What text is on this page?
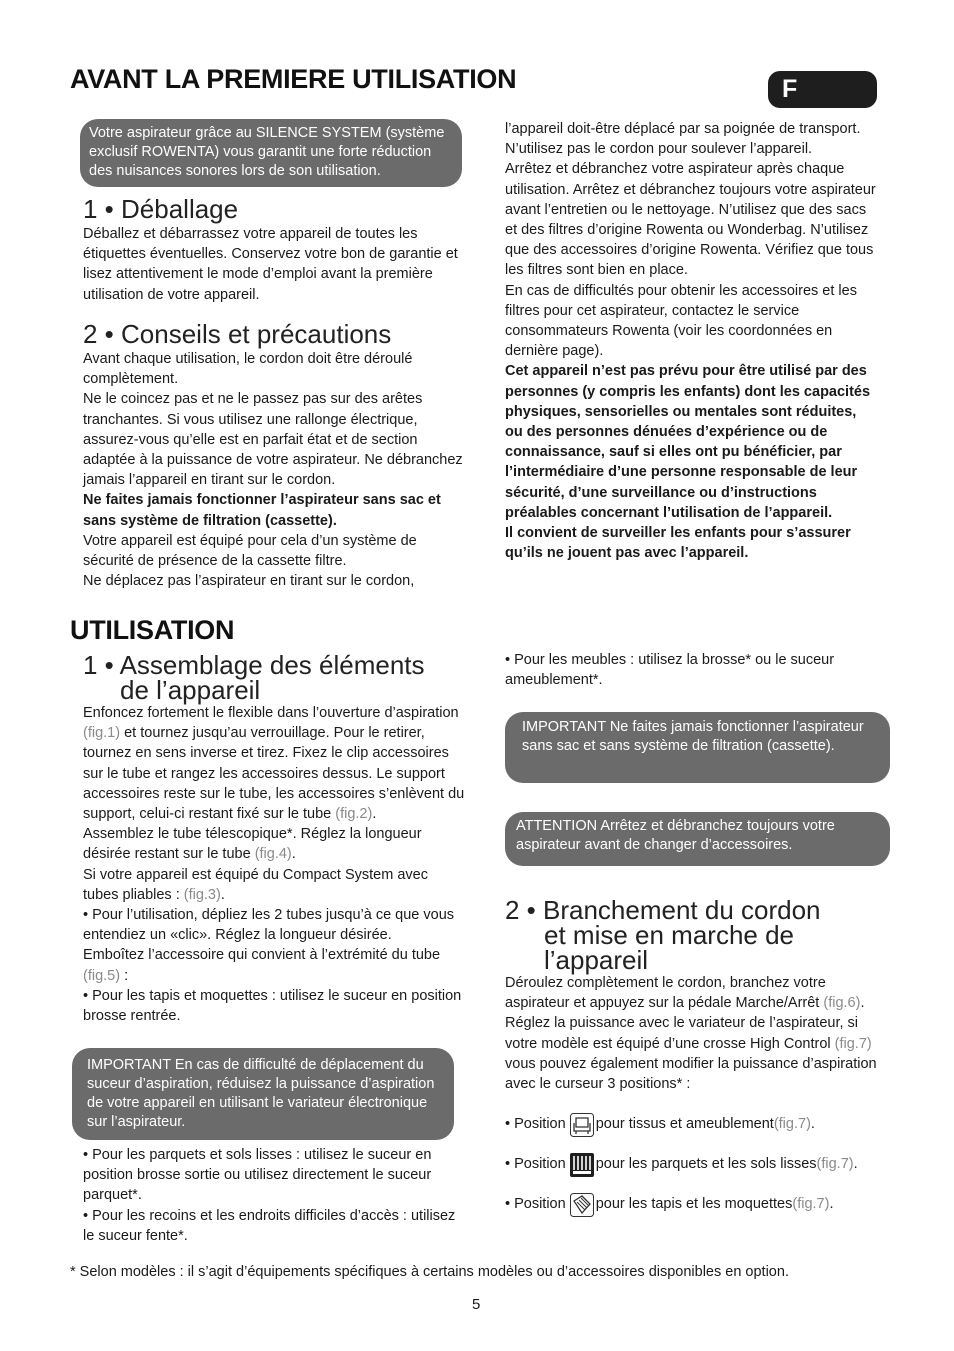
AVANT LA PREMIERE UTILISATION	F
Votre aspirateur grâce au SILENCE SYSTEM (système exclusif ROWENTA) vous garantit une forte réduction des nuisances sonores lors de son utilisation.
1 • Déballage
Déballez et débarrassez votre appareil de toutes les étiquettes éventuelles. Conservez votre bon de garantie et lisez attentivement le mode d’emploi avant la première utilisation de votre appareil.
2 • Conseils et précautions

Avant chaque utilisation, le cordon doit être déroulé complètement.

Ne le coincez pas et ne le passez pas sur des arêtes tranchantes. Si vous utilisez une rallonge électrique, assurez-vous qu’elle est en parfait état et de section adaptée à la puissance de votre aspirateur. Ne débranchez jamais l’appareil en tirant sur le cordon.

Ne faites jamais fonctionner l’aspirateur sans sac et sans système de filtration (cassette).

Votre appareil est équipé pour cela d’un système de sécurité de présence de la cassette filtre.

Ne déplacez pas l’aspirateur en tirant sur le cordon,

l’appareil doit-être déplacé par sa poignée de transport. N’utilisez pas le cordon pour soulever l’appareil.

Arrêtez et débranchez votre aspirateur après chaque utilisation. Arrêtez et débranchez toujours votre aspirateur avant l’entretien ou le nettoyage. N’utilisez que des sacs et des filtres d’origine Rowenta ou Wonderbag. N’utilisez que des accessoires d’origine Rowenta. Vérifiez que tous les filtres sont bien en place.

En cas de difficultés pour obtenir les accessoires et les filtres pour cet aspirateur, contactez le service consommateurs Rowenta (voir les coordonnées en dernière page).

Cet appareil n’est pas prévu pour être utilisé par des personnes (y compris les enfants) dont les capacités physiques, sensorielles ou mentales sont réduites, ou des personnes dénuées d’expérience ou de connaissance, sauf si elles ont pu bénéficier, par l’intermédiaire d’une personne responsable de leur sécurité, d’une surveillance ou d’instructions préalables concernant l’utilisation de l’appareil.

Il convient de surveiller les enfants pour s’assurer qu’ils ne jouent pas avec l’appareil.

UTILISATION
1 • Assemblage des éléments
de l’appareil

Enfoncez fortement le flexible dans l’ouverture d’aspiration (fig.1) et tournez jusqu’au verrouillage. Pour le retirer, tournez en sens inverse et tirez. Fixez le clip accessoires sur le tube et rangez les accessoires dessus. Le support accessoires reste sur le tube, les accessoires s’enlèvent du support, celui-ci restant fixé sur le tube (fig.2).

Assemblez le tube télescopique*. Réglez la longueur désirée restant sur le tube (fig.4).

Si votre appareil est équipé du Compact System avec tubes pliables : (fig.3).

• Pour l’utilisation, dépliez les 2 tubes jusqu’à ce que vous entendiez un «clic». Réglez la longueur désirée.

Emboîtez l’accessoire qui convient à l’extrémité du tube (fig.5) :

• Pour les tapis et moquettes : utilisez le suceur en position brosse rentrée.

IMPORTANT En cas de difficulté de déplacement du suceur d’aspiration, réduisez la puissance d’aspiration de votre appareil en utilisant le variateur électronique sur l’aspirateur.

• Pour les parquets et sols lisses : utilisez le suceur en position brosse sortie ou utilisez directement le suceur parquet*.

• Pour les recoins et les endroits difficiles d’accès : utilisez le suceur fente*.

• Pour les meubles : utilisez la brosse* ou le suceur ameublement*.
IMPORTANT Ne faites jamais fonctionner l’aspirateur sans sac et sans système de filtration (cassette).
ATTENTION Arrêtez et débranchez toujours votre aspirateur avant de changer d’accessoires.
2 • Branchement du cordon
et mise en marche de
l’appareil

Déroulez complètement le cordon, branchez votre aspirateur et appuyez sur la pédale Marche/Arrêt (fig.6).

Réglez la puissance avec le variateur de l’aspirateur, si votre modèle est équipé d’une crosse High Control (fig.7) vous pouvez également modifier la puissance d’aspiration avec le curseur 3 positions* :

• Position pour tissus et ameublement (fig.7) .
• Position pour les parquets et les sols lisses (fig.7) .
• Position pour les tapis et les moquettes (fig.7) .
* Selon modèles : il s’agit d’équipements spécifiques à certains modèles ou d’accessoires disponibles en option.
5
